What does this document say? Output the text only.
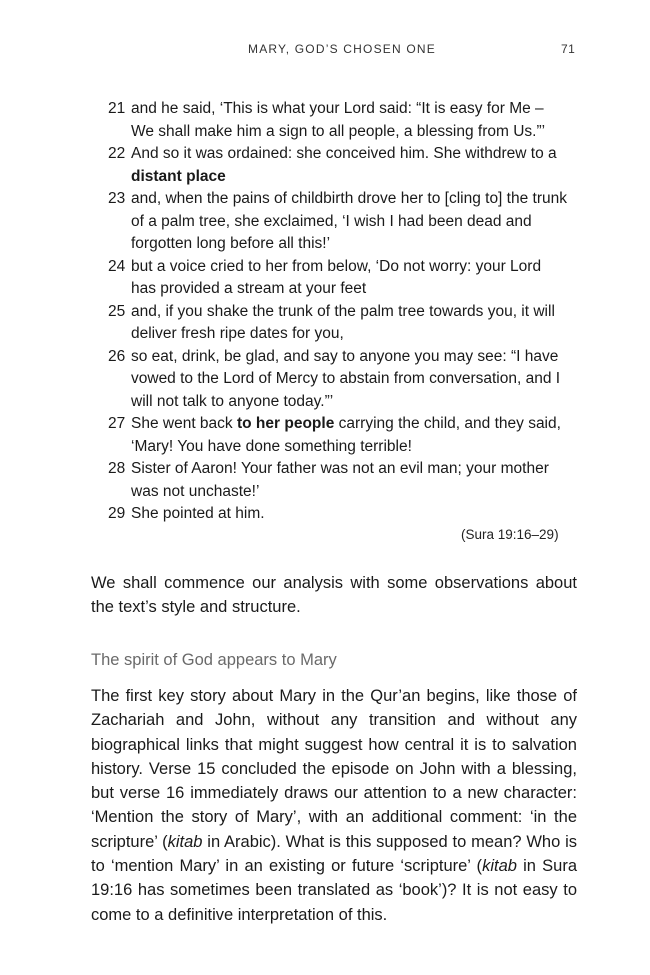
MARY, GOD’S CHOSEN ONE	71
21 and he said, ‘This is what your Lord said: “It is easy for Me – We shall make him a sign to all people, a blessing from Us.”’
22 And so it was ordained: she conceived him. She withdrew to a distant place
23 and, when the pains of childbirth drove her to [cling to] the trunk of a palm tree, she exclaimed, ‘I wish I had been dead and forgotten long before all this!’
24 but a voice cried to her from below, ‘Do not worry: your Lord has provided a stream at your feet
25 and, if you shake the trunk of the palm tree towards you, it will deliver fresh ripe dates for you,
26 so eat, drink, be glad, and say to anyone you may see: “I have vowed to the Lord of Mercy to abstain from conversation, and I will not talk to anyone today.”’
27 She went back to her people carrying the child, and they said, ‘Mary! You have done something terrible!
28 Sister of Aaron! Your father was not an evil man; your mother was not unchaste!’
29 She pointed at him.
(Sura 19:16–29)

We shall commence our analysis with some observations about the text’s style and structure.

The spirit of God appears to Mary

The first key story about Mary in the Qur’an begins, like those of Zachariah and John, without any transition and without any biographical links that might suggest how central it is to salvation history. Verse 15 concluded the episode on John with a blessing, but verse 16 immediately draws our attention to a new character: ‘Mention the story of Mary’, with an additional comment: ‘in the scripture’ (kitab in Arabic). What is this supposed to mean? Who is to ‘mention Mary’ in an existing or future ‘scripture’ (kitab in Sura 19:16 has sometimes been translated as ‘book’)? It is not easy to come to a definitive interpretation of this.
